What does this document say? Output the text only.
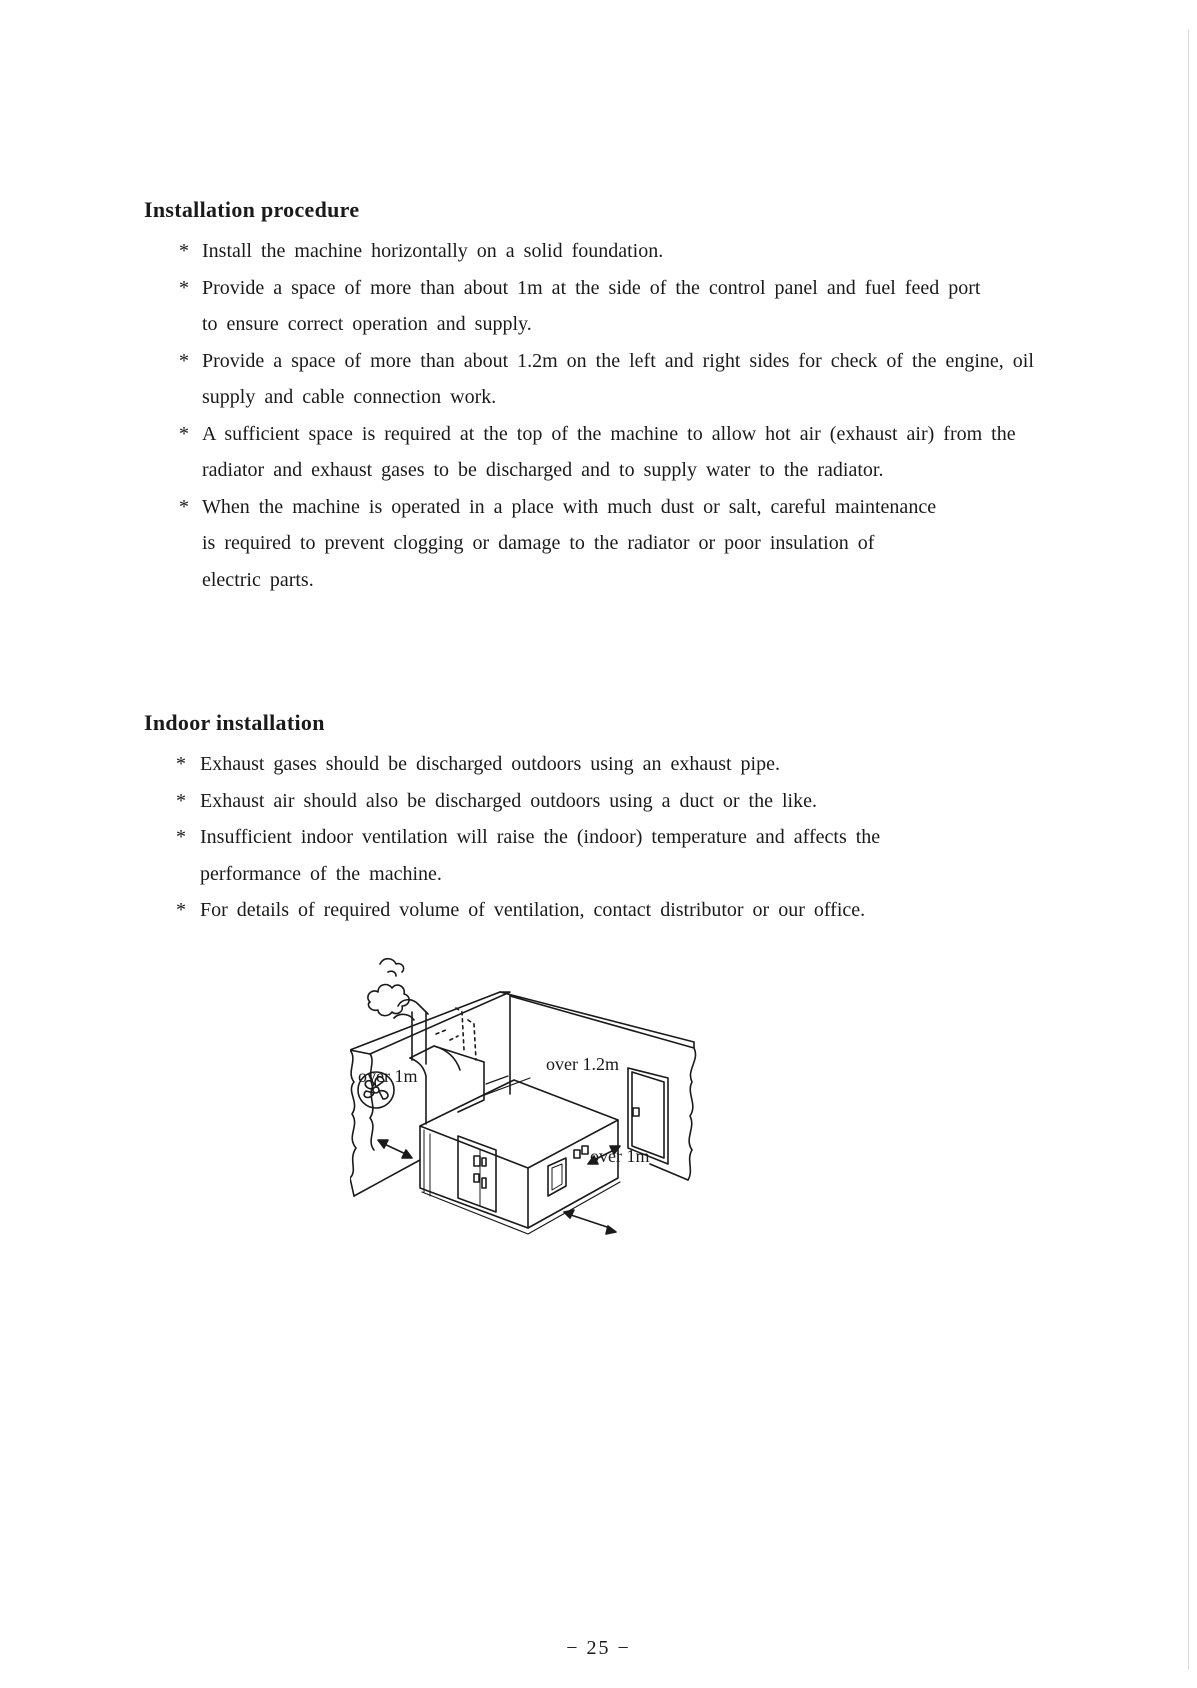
Installation procedure
* Install the machine horizontally on a solid foundation.
* Provide a space of more than about 1m at the side of the control panel and fuel feed port to ensure correct operation and supply.
* Provide a space of more than about 1.2m on the left and right sides for check of the engine, oil supply and cable connection work.
* A sufficient space is required at the top of the machine to allow hot air (exhaust air) from the radiator and exhaust gases to be discharged and to supply water to the radiator.
* When the machine is operated in a place with much dust or salt, careful maintenance is required to prevent clogging or damage to the radiator or poor insulation of electric parts.
Indoor installation
* Exhaust gases should be discharged outdoors using an exhaust pipe.
* Exhaust air should also be discharged outdoors using a duct or the like.
* Insufficient indoor ventilation will raise the (indoor) temperature and affects the performance of the machine.
* For details of required volume of ventilation, contact distributor or our office.
over 1m
over 1.2m
over 1m
− 25 −
